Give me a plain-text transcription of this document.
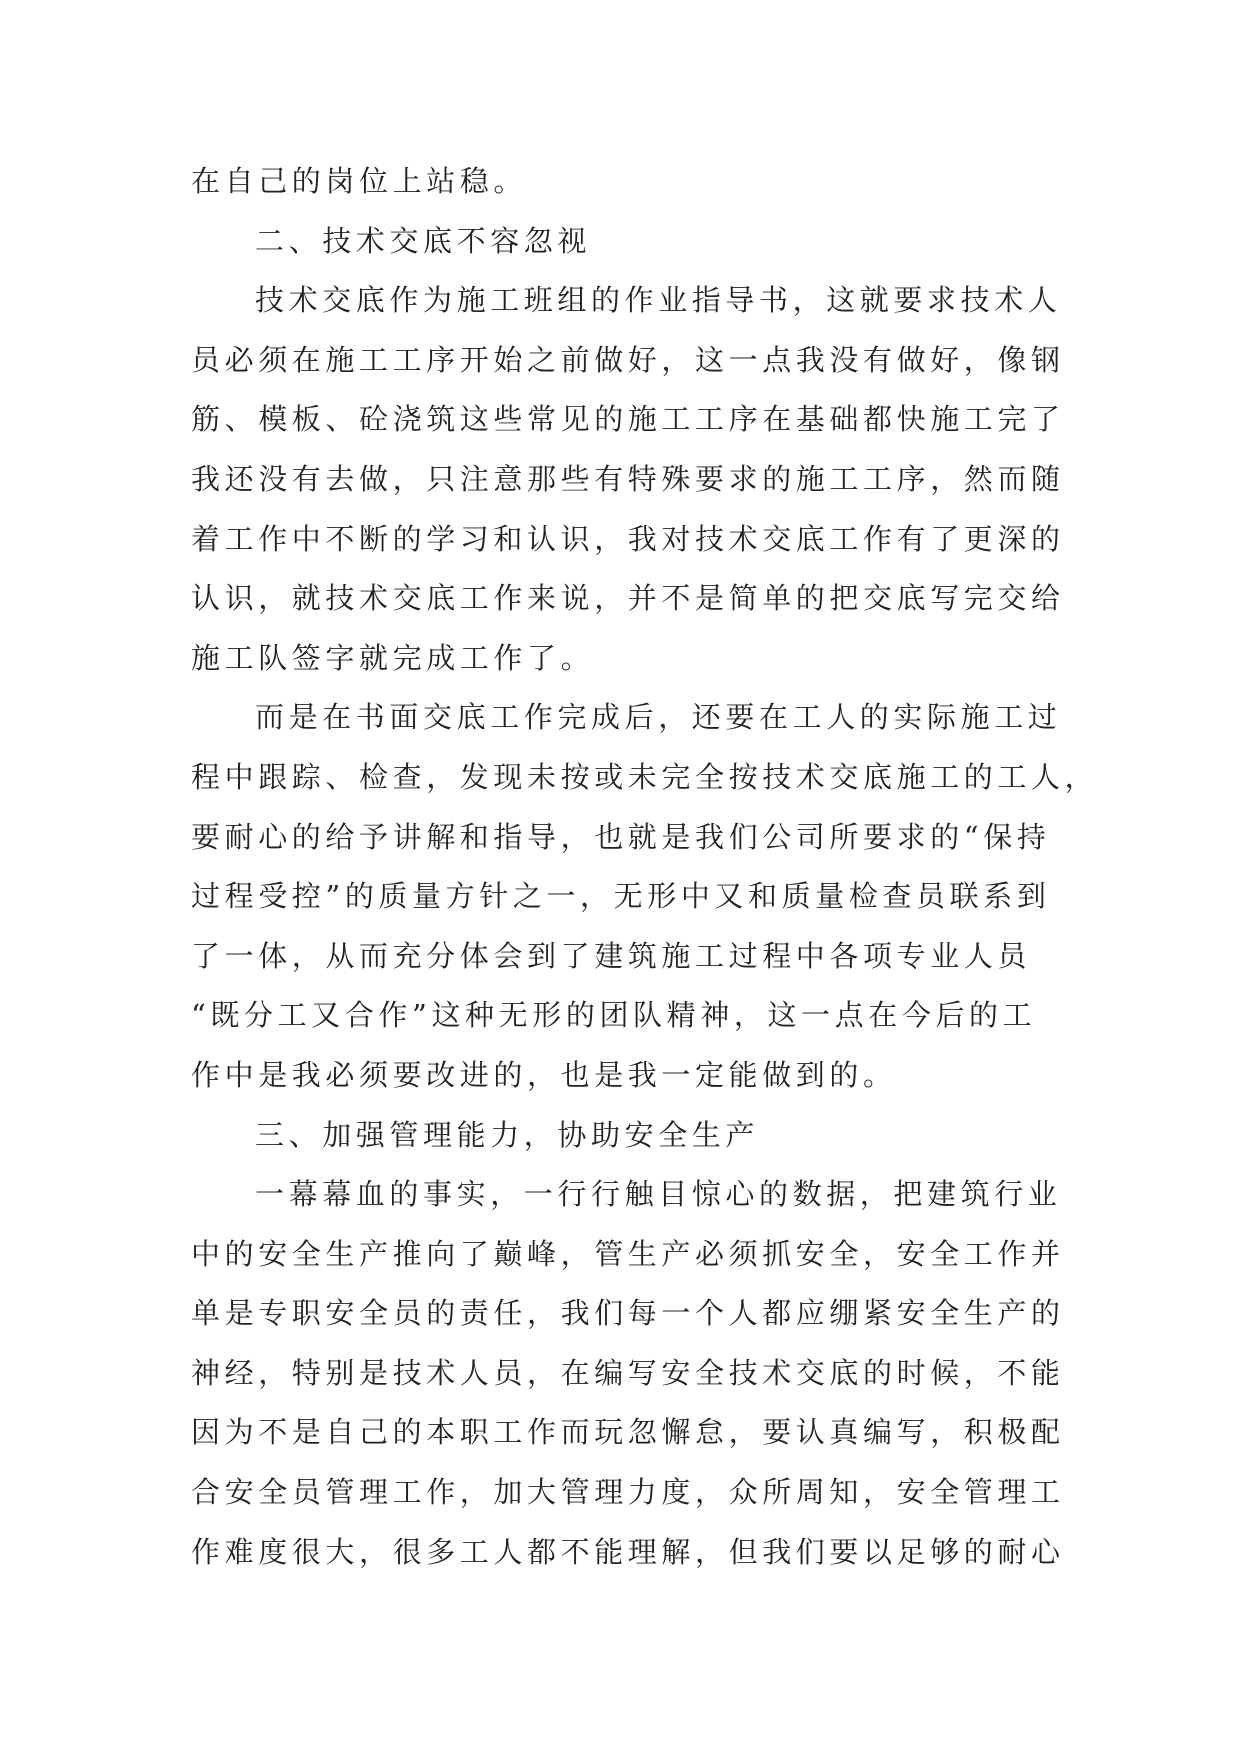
在自己的岗位上站稳。
二、技术交底不容忽视
技术交底作为施工班组的作业指导书，这就要求技术人
员必须在施工工序开始之前做好，这一点我没有做好，像钢
筋、模板、砼浇筑这些常见的施工工序在基础都快施工完了
我还没有去做，只注意那些有特殊要求的施工工序，然而随
着工作中不断的学习和认识，我对技术交底工作有了更深的
认识，就技术交底工作来说，并不是简单的把交底写完交给
施工队签字就完成工作了。
而是在书面交底工作完成后，还要在工人的实际施工过
程中跟踪、检查，发现未按或未完全按技术交底施工的工人，
要耐心的给予讲解和指导，也就是我们公司所要求的“保持
过程受控”的质量方针之一，无形中又和质量检查员联系到
了一体，从而充分体会到了建筑施工过程中各项专业人员
“既分工又合作”这种无形的团队精神，这一点在今后的工
作中是我必须要改进的，也是我一定能做到的。
三、加强管理能力，协助安全生产
一幕幕血的事实，一行行触目惊心的数据，把建筑行业
中的安全生产推向了巅峰，管生产必须抓安全，安全工作并
单是专职安全员的责任，我们每一个人都应绷紧安全生产的
神经，特别是技术人员，在编写安全技术交底的时候，不能
因为不是自己的本职工作而玩忽懈怠，要认真编写，积极配
合安全员管理工作，加大管理力度，众所周知，安全管理工
作难度很大，很多工人都不能理解，但我们要以足够的耐心
